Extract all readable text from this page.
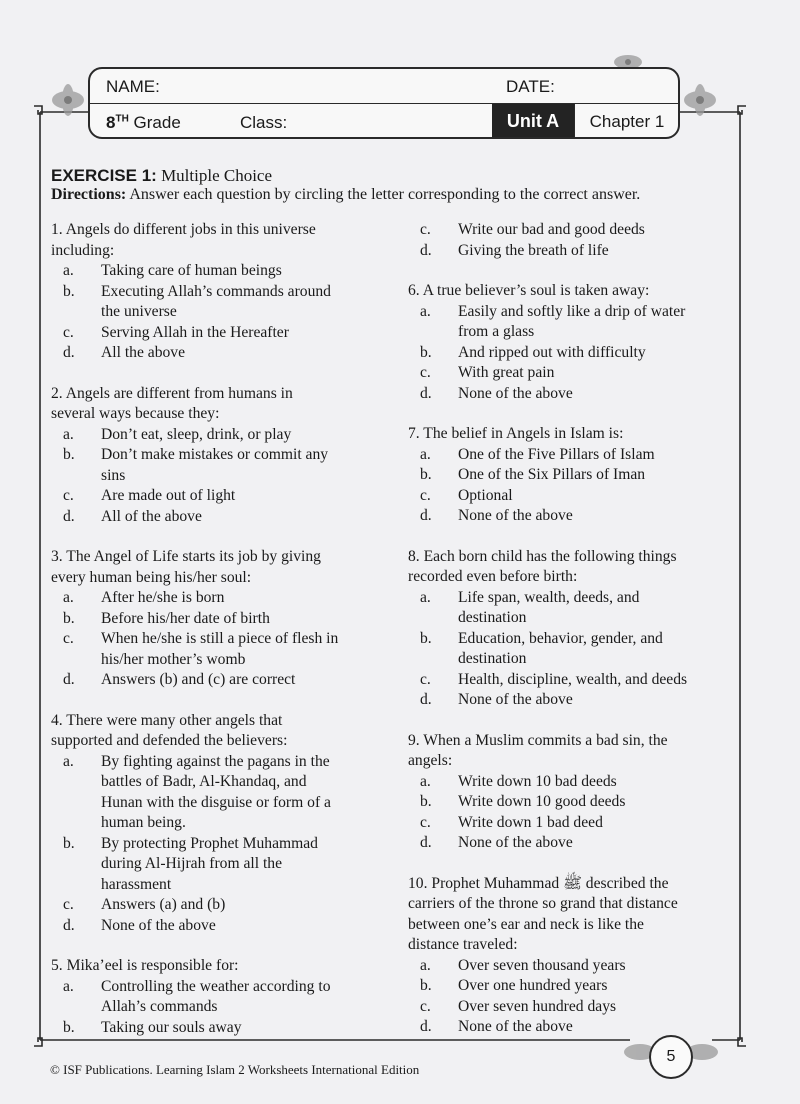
NAME:	DATE:
8TH Grade	Class:	Unit A	Chapter 1
EXERCISE 1: Multiple Choice
Directions: Answer each question by circling the letter corresponding to the correct answer.
1. Angels do different jobs in this universe
including:
a.	Taking care of human beings
b.	Executing Allah’s commands around
the universe
c.	Serving Allah in the Hereafter
d.	All the above
2. Angels are different from humans in
several ways because they:
a.	Don’t eat, sleep, drink, or play
b.	Don’t make mistakes or commit any
sins
c.	Are made out of light
d.	All of the above
3. The Angel of Life starts its job by giving
every human being his/her soul:
a.	After he/she is born
b.	Before his/her date of birth
c.	When he/she is still a piece of flesh in
his/her mother’s womb
d.	Answers (b) and (c) are correct
4. There were many other angels that
supported and defended the believers:
a.	By fighting against the pagans in the
battles of Badr, Al-Khandaq, and
Hunan with the disguise or form of a
human being.
b.	By protecting Prophet Muhammad
during Al-Hijrah from all the
harassment
c.	Answers (a) and (b)
d.	None of the above
5. Mika’eel is responsible for:
a.	Controlling the weather according to
Allah’s commands
b.	Taking our souls away
c.	Write our bad and good deeds
d.	Giving the breath of life
6. A true believer’s soul is taken away:
a.	Easily and softly like a drip of water
from a glass
b.	And ripped out with difficulty
c.	With great pain
d.	None of the above
7. The belief in Angels in Islam is:
a.	One of the Five Pillars of Islam
b.	One of the Six Pillars of Iman
c.	Optional
d.	None of the above
8. Each born child has the following things
recorded even before birth:
a.	Life span, wealth, deeds, and
destination
b.	Education, behavior, gender, and
destination
c.	Health, discipline, wealth, and deeds
d.	None of the above
9. When a Muslim commits a bad sin, the
angels:
a.	Write down 10 bad deeds
b.	Write down 10 good deeds
c.	Write down 1 bad deed
d.	None of the above
10. Prophet Muhammad ﷺ described the
carriers of the throne so grand that distance
between one’s ear and neck is like the
distance traveled:
a.	Over seven thousand years
b.	Over one hundred years
c.	Over seven hundred days
d.	None of the above
© ISF Publications. Learning Islam 2 Worksheets International Edition
5
